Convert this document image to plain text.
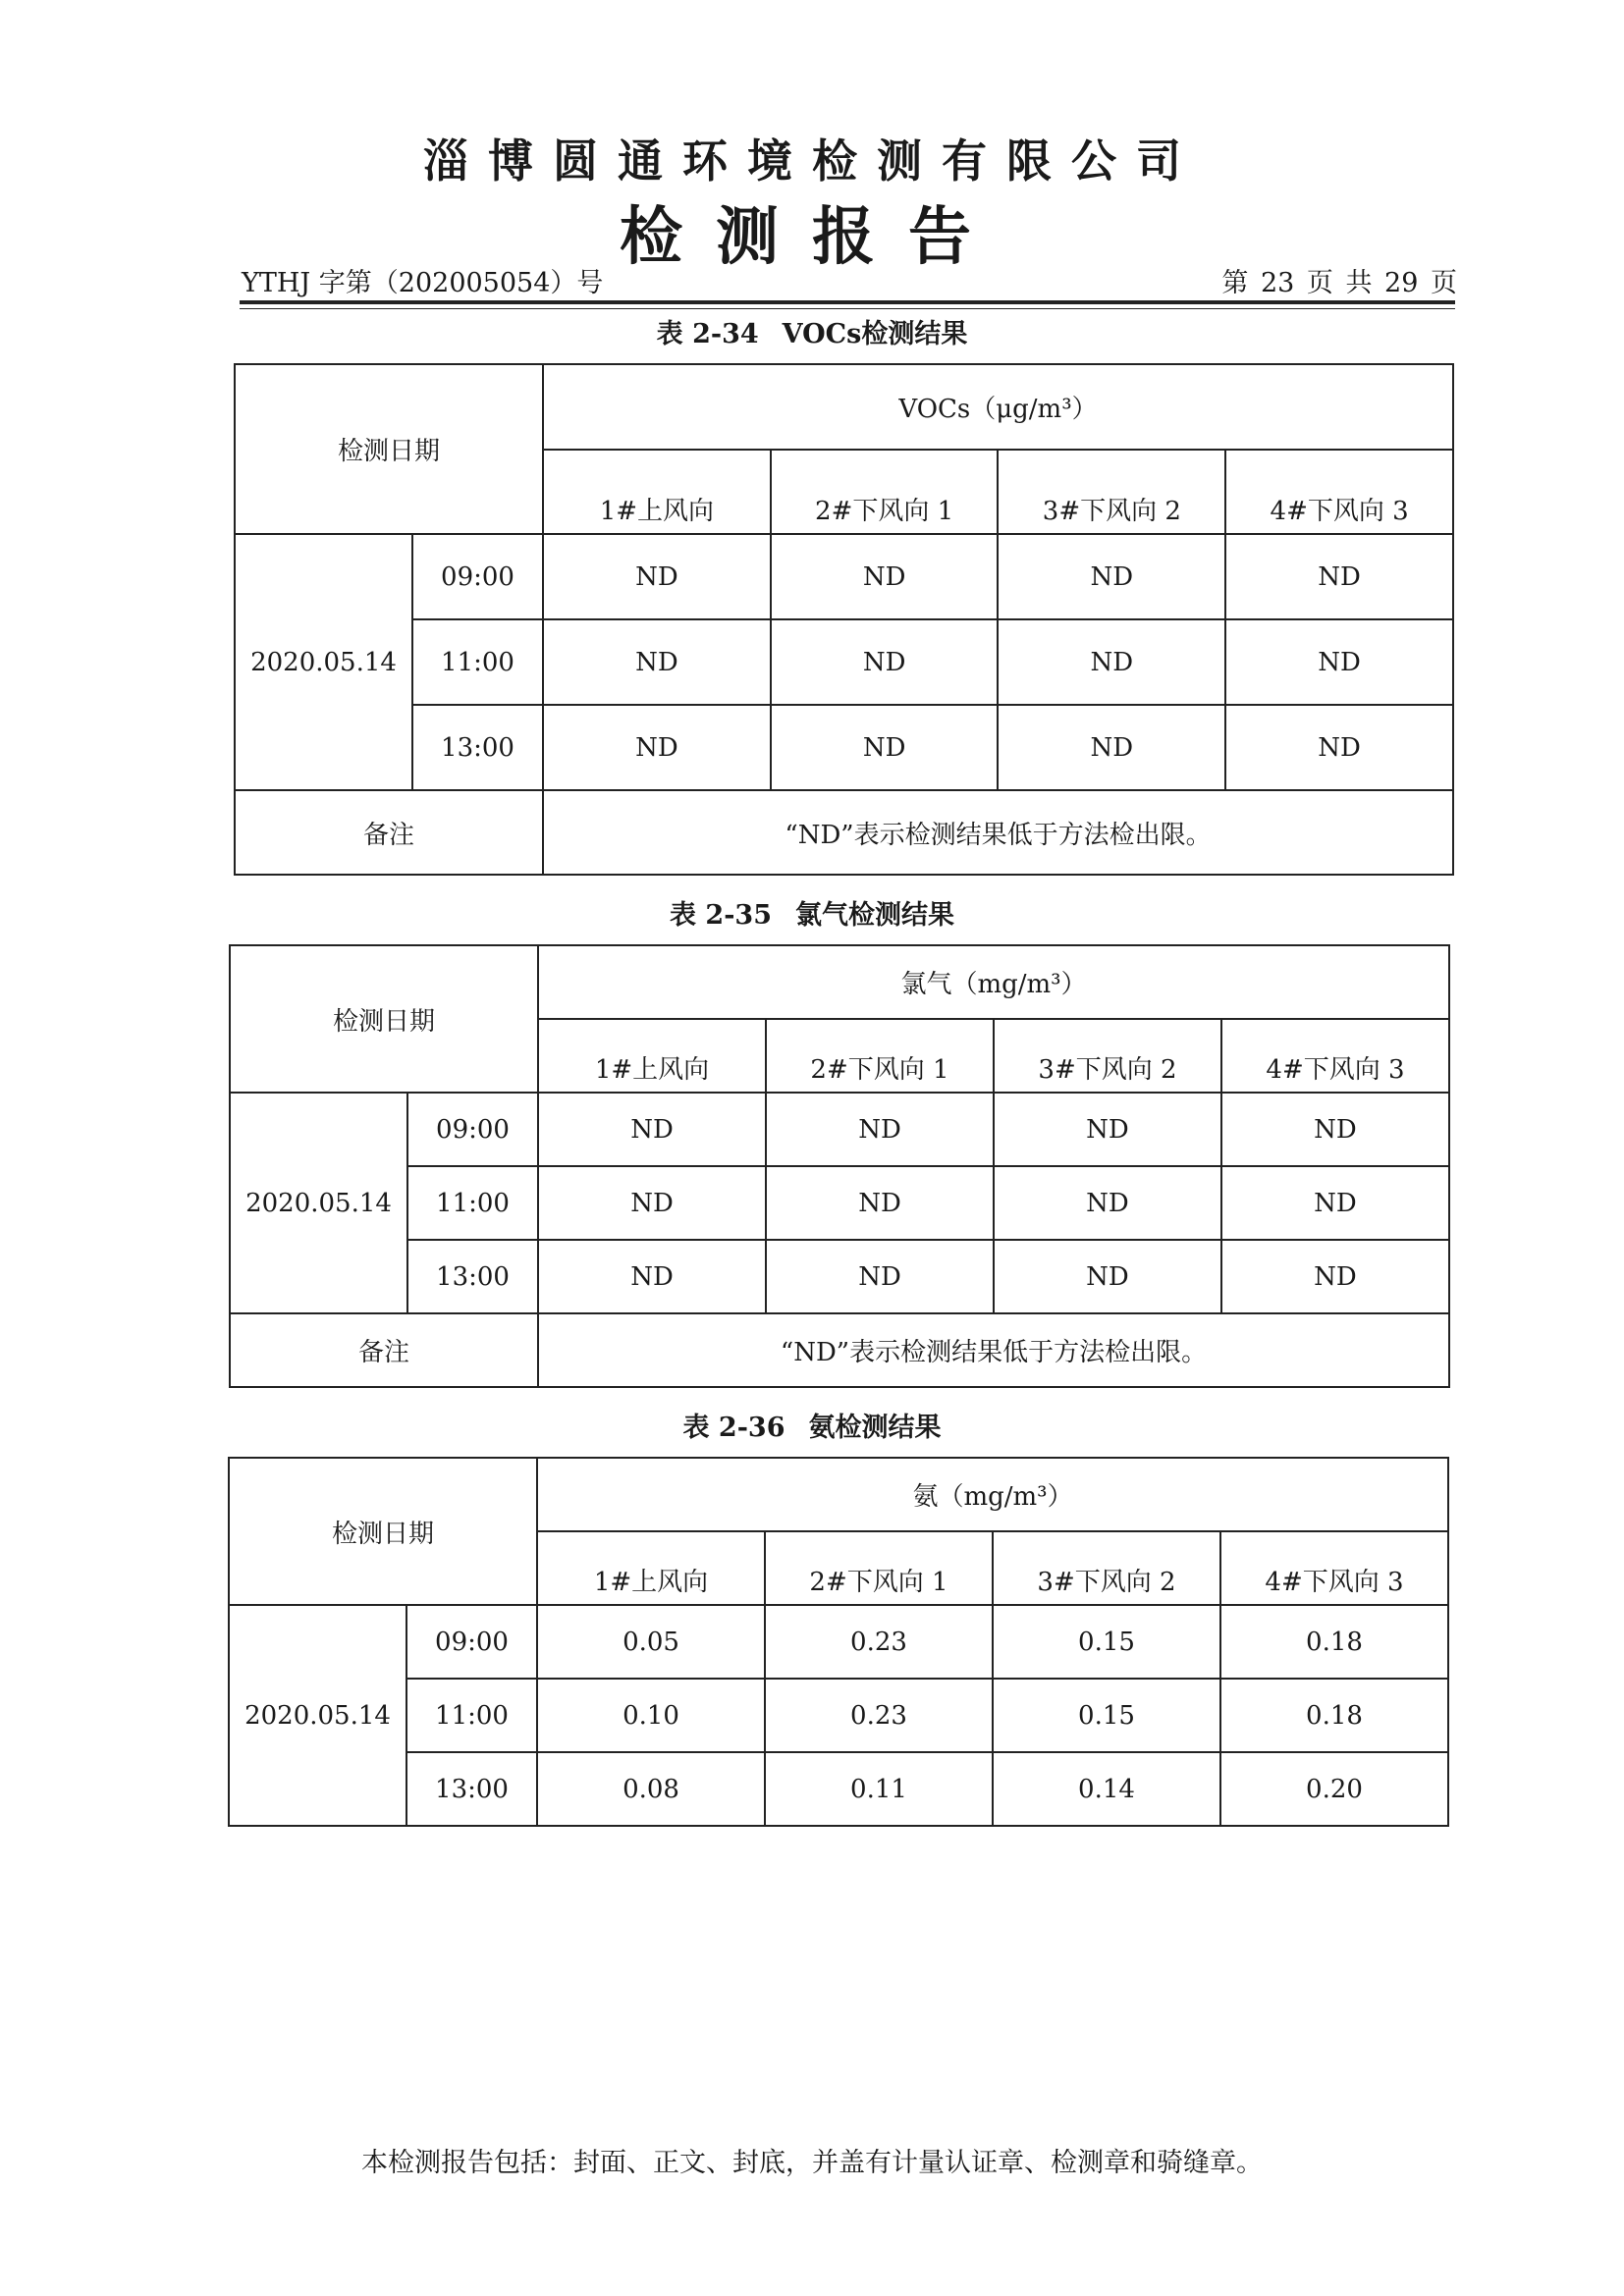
淄博圆通环境检测有限公司
检测报告
YTHJ 字第（202005054）号	第 23 页 共 29 页
表 2-34 VOCs检测结果
检测日期		VOCs（μg/m³）			
		1#上风向	2#下风向 1	3#下风向 2	4#下风向 3
2020.05.14	09:00	ND	ND	ND	ND
	11:00	ND	ND	ND	ND
	13:00	ND	ND	ND	ND
备注		“ND”表示检测结果低于方法检出限。			
表 2-35 氯气检测结果
检测日期		氯气（mg/m³）			
		1#上风向	2#下风向 1	3#下风向 2	4#下风向 3
2020.05.14	09:00	ND	ND	ND	ND
	11:00	ND	ND	ND	ND
	13:00	ND	ND	ND	ND
备注		“ND”表示检测结果低于方法检出限。			
表 2-36 氨检测结果
检测日期		氨（mg/m³）			
		1#上风向	2#下风向 1	3#下风向 2	4#下风向 3
2020.05.14	09:00	0.05	0.23	0.15	0.18
	11:00	0.10	0.23	0.15	0.18
	13:00	0.08	0.11	0.14	0.20
本检测报告包括：封面、正文、封底，并盖有计量认证章、检测章和骑缝章。
